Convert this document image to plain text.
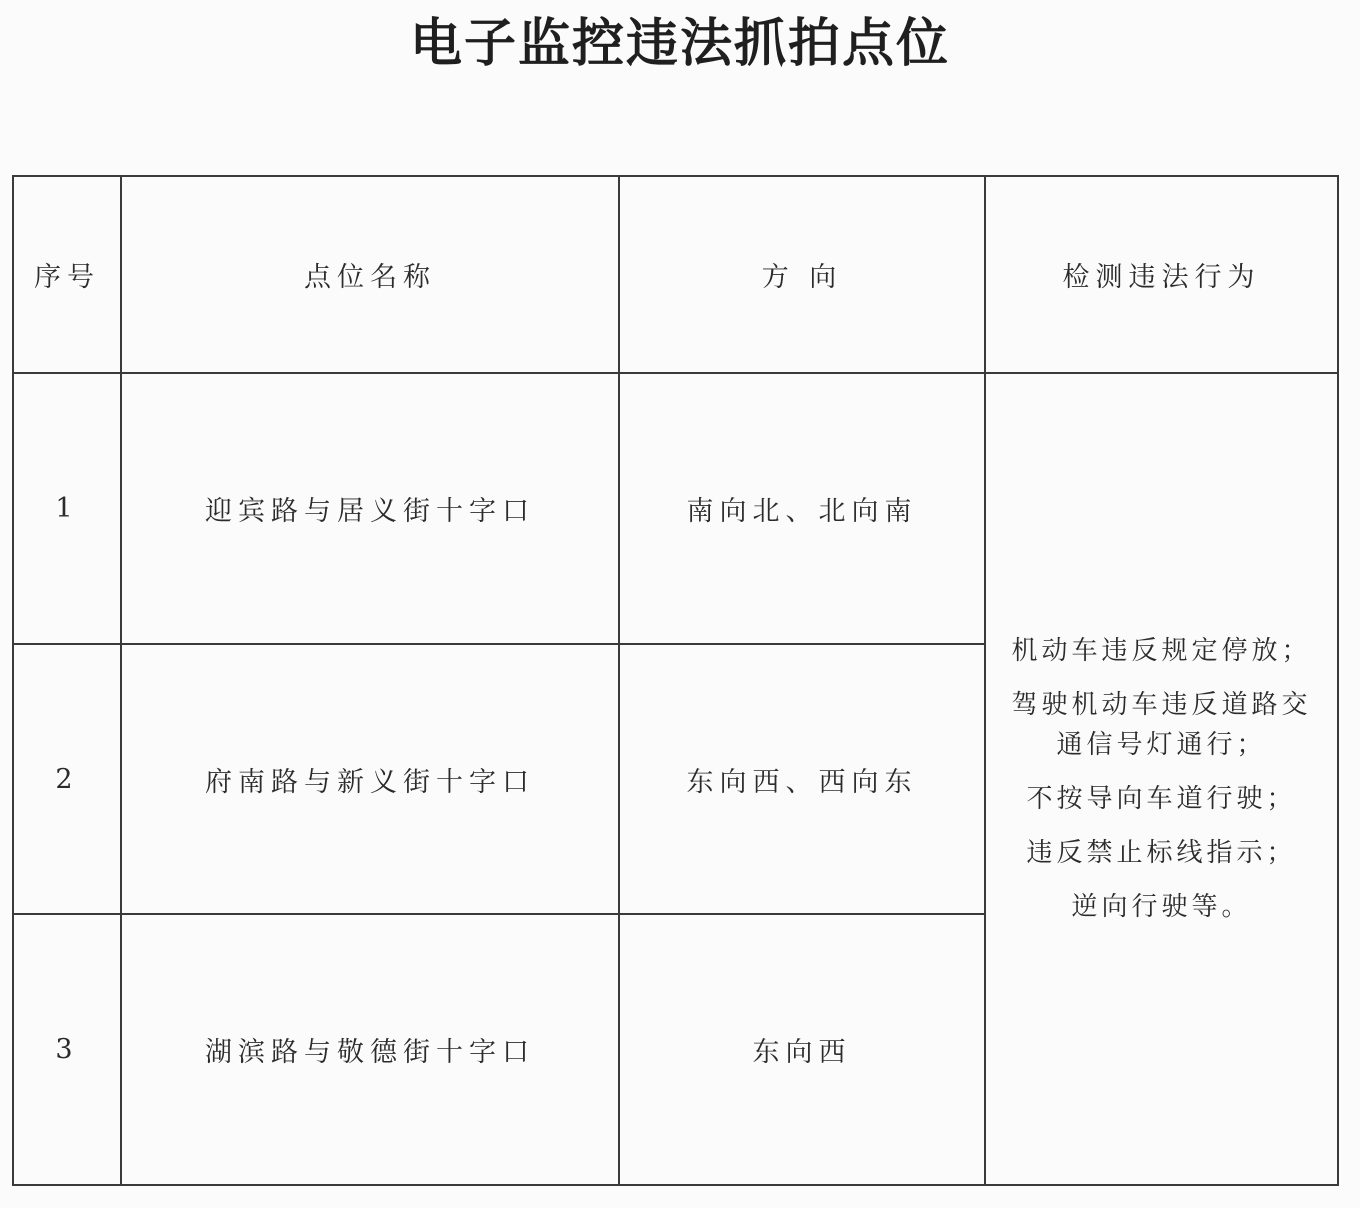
电子监控违法抓拍点位
序号	点位名称	方 向	检测违法行为
1	迎宾路与居义街十字口	南向北、北向南	机动车违反规定停放；
驾驶机动车违反道路交通信号灯通行；
不按导向车道行驶；
违反禁止标线指示；
逆向行驶等。

2	府南路与新义街十字口	东向西、西向东	
3	湖滨路与敬德街十字口	东向西	
